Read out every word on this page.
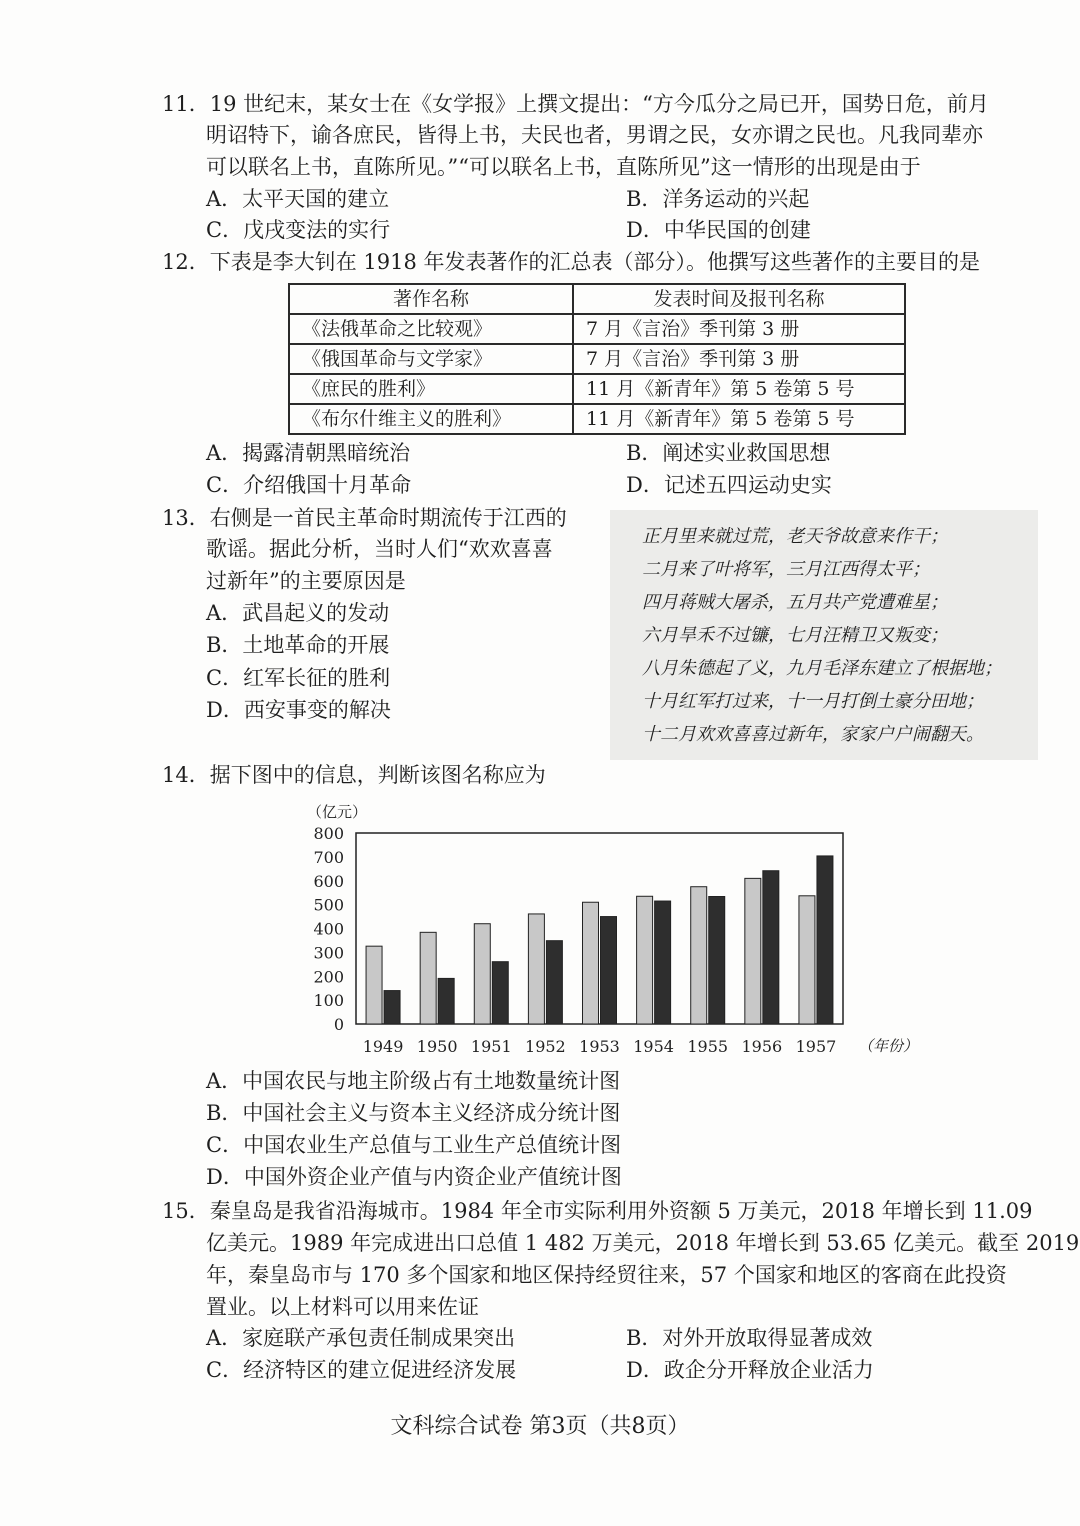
11．19 世纪末，某女士在《女学报》上撰文提出：“方今瓜分之局已开，国势日危，前月
明诏特下，谕各庶民，皆得上书，夫民也者，男谓之民，女亦谓之民也。凡我同辈亦
可以联名上书，直陈所见。”“可以联名上书，直陈所见”这一情形的出现是由于
A．太平天国的建立	B．洋务运动的兴起
C．戊戌变法的实行	D．中华民国的创建
12．下表是李大钊在 1918 年发表著作的汇总表（部分）。他撰写这些著作的主要目的是
著作名称	发表时间及报刊名称
《法俄革命之比较观》	7 月《言治》季刊第 3 册
《俄国革命与文学家》	7 月《言治》季刊第 3 册
《庶民的胜利》	11 月《新青年》第 5 卷第 5 号
《布尔什维主义的胜利》	11 月《新青年》第 5 卷第 5 号
A．揭露清朝黑暗统治	B．阐述实业救国思想
C．介绍俄国十月革命	D．记述五四运动史实
13．右侧是一首民主革命时期流传于江西的
歌谣。据此分析，当时人们“欢欢喜喜
过新年”的主要原因是
A．武昌起义的发动
B．土地革命的开展
C．红军长征的胜利
D．西安事变的解决
正月里来就过荒，老天爷故意来作干；
二月来了叶将军，三月江西得太平；
四月蒋贼大屠杀，五月共产党遭难星；
六月旱禾不过镰，七月汪精卫又叛变；
八月朱德起了义，九月毛泽东建立了根据地；
十月红军打过来，十一月打倒土豪分田地；
十二月欢欢喜喜过新年，家家户户闹翻天。
14．据下图中的信息，判断该图名称应为
0
100
200
300
400
500
600
700
800
（亿元）
1949 1950 1951 1952 1953 1954 1955 1956 1957 （年份）
A．中国农民与地主阶级占有土地数量统计图
B．中国社会主义与资本主义经济成分统计图
C．中国农业生产总值与工业生产总值统计图
D．中国外资企业产值与内资企业产值统计图
15．秦皇岛是我省沿海城市。1984 年全市实际利用外资额 5 万美元，2018 年增长到 11.09
亿美元。1989 年完成进出口总值 1 482 万美元，2018 年增长到 53.65 亿美元。截至 2019
年，秦皇岛市与 170 多个国家和地区保持经贸往来，57 个国家和地区的客商在此投资
置业。以上材料可以用来佐证
A．家庭联产承包责任制成果突出	B．对外开放取得显著成效
C．经济特区的建立促进经济发展	D．政企分开释放企业活力
文科综合试卷 第3页（共8页）
